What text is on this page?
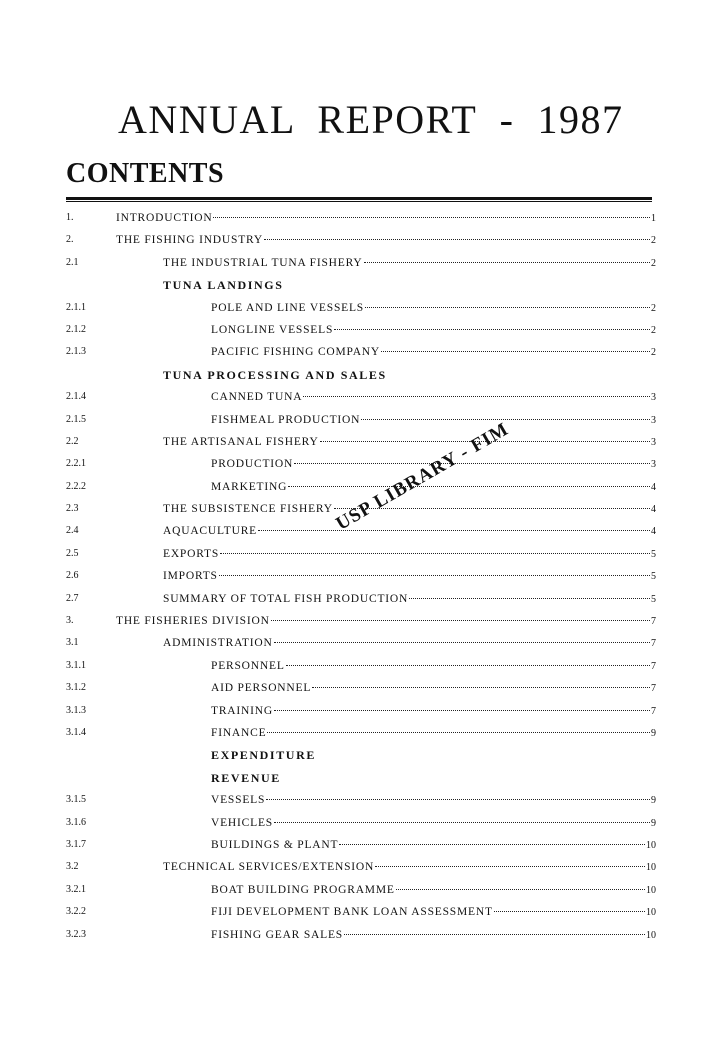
ANNUAL  REPORT  -  1987
CONTENTS
1.	INTRODUCTION	1
2.	THE FISHING INDUSTRY	2
2.1	THE INDUSTRIAL TUNA FISHERY	2
TUNA LANDINGS
2.1.1	POLE AND LINE VESSELS	2
2.1.2	LONGLINE VESSELS	2
2.1.3	PACIFIC FISHING COMPANY	2
TUNA PROCESSING AND SALES
2.1.4	CANNED TUNA	3
2.1.5	FISHMEAL PRODUCTION	3
2.2	THE ARTISANAL FISHERY	3
2.2.1	PRODUCTION	3
2.2.2	MARKETING	4
2.3	THE SUBSISTENCE FISHERY	4
2.4	AQUACULTURE	4
2.5	EXPORTS	5
2.6	IMPORTS	5
2.7	SUMMARY OF TOTAL FISH PRODUCTION	5
3.	THE FISHERIES DIVISION	7
3.1	ADMINISTRATION	7
3.1.1	PERSONNEL	7
3.1.2	AID PERSONNEL	7
3.1.3	TRAINING	7
3.1.4	FINANCE	9
EXPENDITURE
REVENUE
3.1.5	VESSELS	9
3.1.6	VEHICLES	9
3.1.7	BUILDINGS & PLANT	10
3.2	TECHNICAL SERVICES/EXTENSION	10
3.2.1	BOAT BUILDING PROGRAMME	10
3.2.2	FIJI DEVELOPMENT BANK LOAN ASSESSMENT	10
3.2.3	FISHING GEAR SALES	10
USP LIBRARY - FIM
